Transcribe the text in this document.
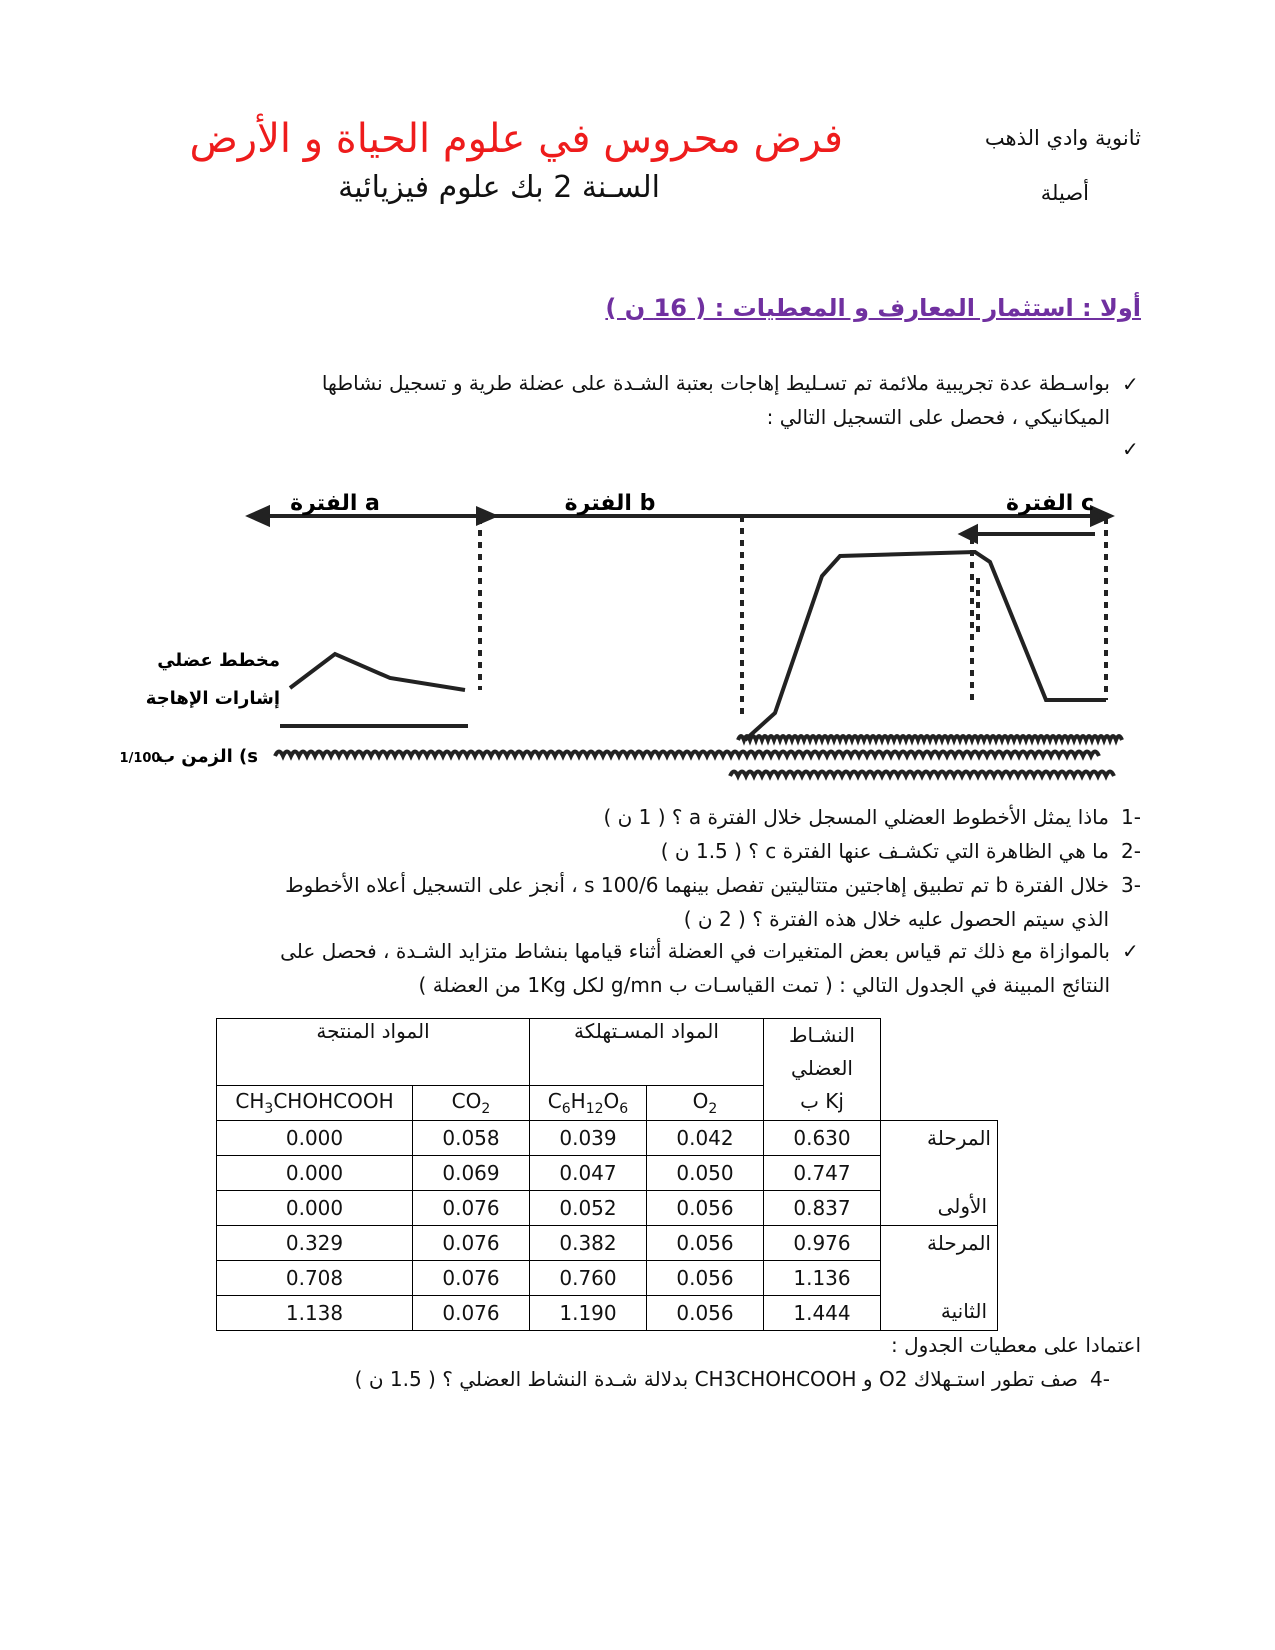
ثانوية وادي الذهب
أصيلة
فرض محروس في علوم الحياة و الأرض
السـنة 2 بك علوم فيزيائية
أولا : استثمار المعارف و المعطيات : ( 16 ن )
✓
بواسـطة عدة تجريبية ملائمة تم تسـليط إهاجات بعتبة الشـدة على عضلة طرية و تسجيل نشاطها
الميكانيكي ، فحصل على التسجيل التالي :
✓
الفترة a	الفترة b	الفترة c
مخطط عضلي
إشارات الإهاجة
الزمن ب (s
1/100
-1ماذا يمثل الأخطوط العضلي المسجل خلال الفترة a ؟ ( 1 ن )
-2ما هي الظاهرة التي تكشـف عنها الفترة c ؟ ( 1.5 ن )
-3خلال الفترة b تم تطبيق إهاجتين متتاليتين تفصل بينهما s 100/6 ، أنجز على التسجيل أعلاه الأخطوط
الذي سيتم الحصول عليه خلال هذه الفترة ؟ ( 2 ن )
✓
بالموازاة مع ذلك تم قياس بعض المتغيرات في العضلة أثناء قيامها بنشاط متزايد الشـدة ، فحصل على
النتائج المبينة في الجدول التالي : ( تمت القياسـات ب g/mn لكل 1Kg من العضلة )
المواد المنتجة		المواد المسـتهلكة		النشـاط
العضلي
ب Kj	

$CH_3CHOHCOOH$	$CO_2$	$C_6H_{12}O_6$	$O_2$
0.000	0.058	0.039	0.042	0.630	المرحلة
الأولى

0.000	0.069	0.047	0.050	0.747	
0.000	0.076	0.052	0.056	0.837	
0.329	0.076	0.382	0.056	0.976	المرحلة
الثانية

0.708	0.076	0.760	0.056	1.136	
1.138	0.076	1.190	0.056	1.444	
اعتمادا على معطيات الجدول :
-4صف تطور استـهلاك O2 و CH3CHOHCOOH بدلالة شـدة النشاط العضلي ؟ ( 1.5 ن )
